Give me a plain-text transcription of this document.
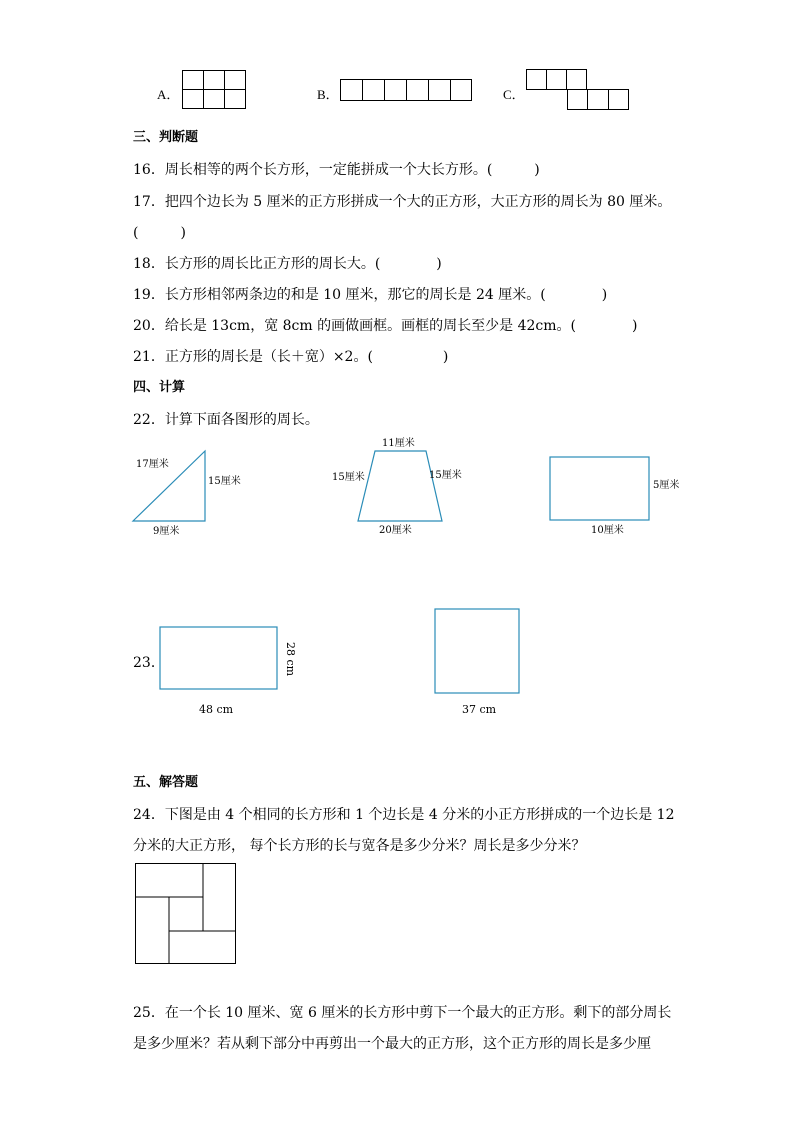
A．	B．	C．
三、判断题
16．周长相等的两个长方形，一定能拼成一个大长方形。(　　　)
17．把四个边长为 5 厘米的正方形拼成一个大的正方形，大正方形的周长为 80 厘米。
(　　　)
18．长方形的周长比正方形的周长大。(　　　　)
19．长方形相邻两条边的和是 10 厘米，那它的周长是 24 厘米。(　　　　)
20．给长是 13cm，宽 8cm 的画做画框。画框的周长至少是 42cm。(　　　　)
21．正方形的周长是（长＋宽）×2。(　　　　　)
四、计算
22．计算下面各图形的周长。
17厘米
15厘米
9厘米
11厘米
15厘米	15厘米
20厘米
5厘米
10厘米
23．
48 cm
28 cm
37 cm
五、解答题
24．下图是由 4 个相同的长方形和 1 个边长是 4 分米的小正方形拼成的一个边长是 12
分米的大正方形， 每个长方形的长与宽各是多少分米？周长是多少分米？
25．在一个长 10 厘米、宽 6 厘米的长方形中剪下一个最大的正方形。剩下的部分周长
是多少厘米？若从剩下部分中再剪出一个最大的正方形，这个正方形的周长是多少厘
